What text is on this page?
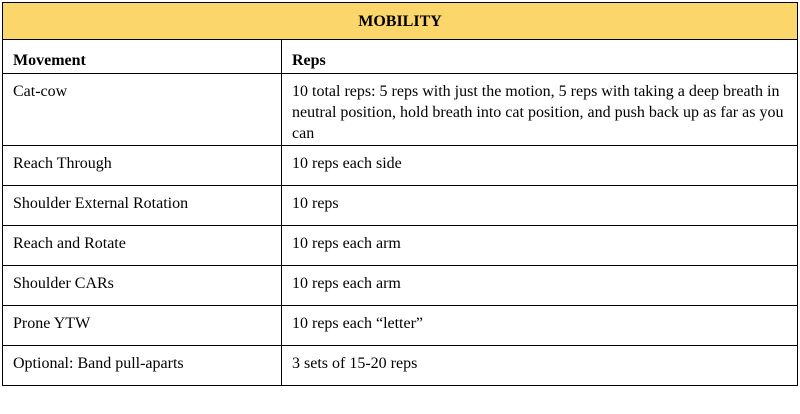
MOBILITY	
Movement	Reps
Cat-cow	10 total reps: 5 reps with just the motion, 5 reps with taking a deep breath in neutral position, hold breath into cat position, and push back up as far as you can
Reach Through	10 reps each side
Shoulder External Rotation	10 reps
Reach and Rotate	10 reps each arm
Shoulder CARs	10 reps each arm
Prone YTW	10 reps each “letter”
Optional: Band pull-aparts	3 sets of 15-20 reps
